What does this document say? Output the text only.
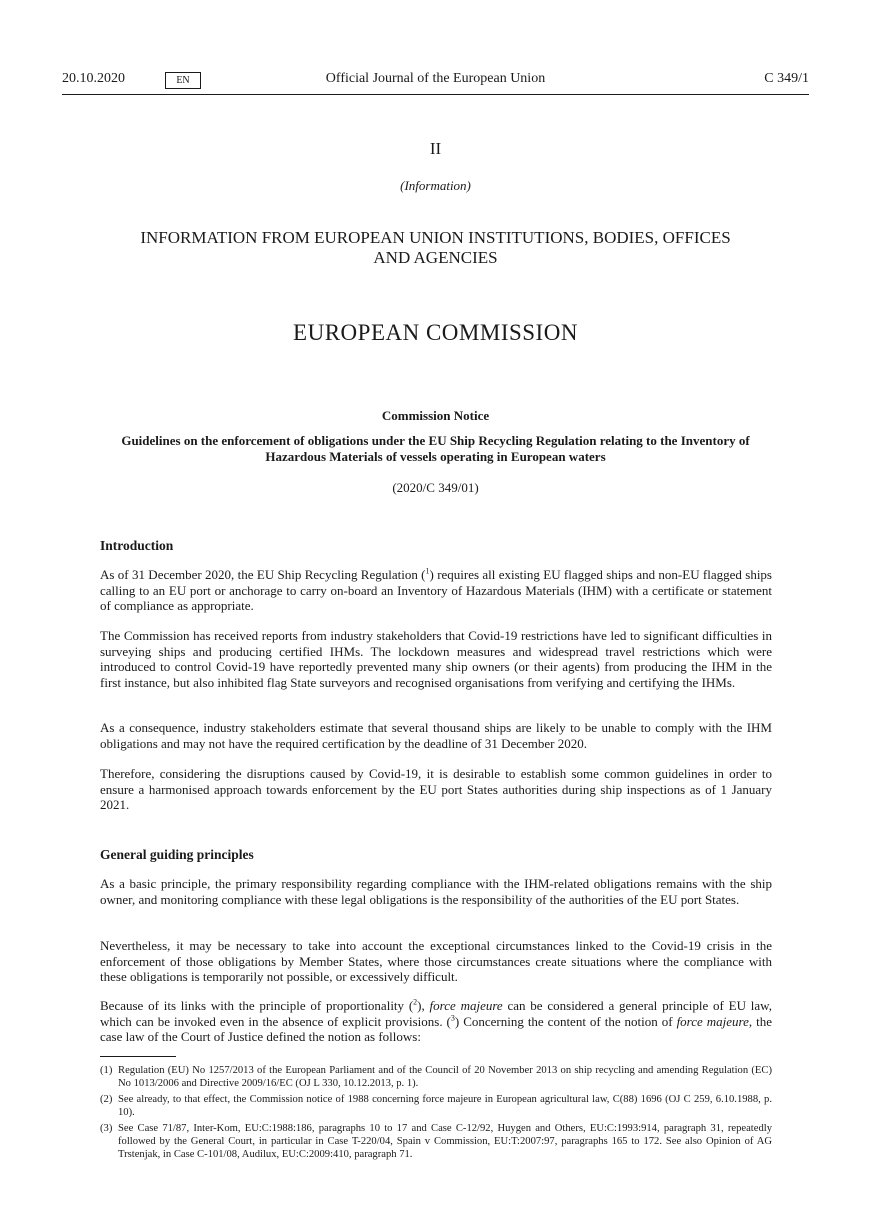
20.10.2020	EN	Official Journal of the European Union	C 349/1
II
(Information)
INFORMATION FROM EUROPEAN UNION INSTITUTIONS, BODIES, OFFICES
AND AGENCIES
EUROPEAN COMMISSION
Commission Notice
Guidelines on the enforcement of obligations under the EU Ship Recycling Regulation relating to the Inventory of Hazardous Materials of vessels operating in European waters
(2020/C 349/01)
Introduction
As of 31 December 2020, the EU Ship Recycling Regulation ($^1$) requires all existing EU flagged ships and non-EU flagged ships calling to an EU port or anchorage to carry on-board an Inventory of Hazardous Materials (IHM) with a certificate or statement of compliance as appropriate.
The Commission has received reports from industry stakeholders that Covid-19 restrictions have led to significant difficulties in surveying ships and producing certified IHMs. The lockdown measures and widespread travel restrictions which were introduced to control Covid-19 have reportedly prevented many ship owners (or their agents) from producing the IHM in the first instance, but also inhibited flag State surveyors and recognised organisations from verifying and certifying the IHMs.
As a consequence, industry stakeholders estimate that several thousand ships are likely to be unable to comply with the IHM obligations and may not have the required certification by the deadline of 31 December 2020.
Therefore, considering the disruptions caused by Covid-19, it is desirable to establish some common guidelines in order to ensure a harmonised approach towards enforcement by the EU port States authorities during ship inspections as of 1 January 2021.
General guiding principles
As a basic principle, the primary responsibility regarding compliance with the IHM-related obligations remains with the ship owner, and monitoring compliance with these legal obligations is the responsibility of the authorities of the EU port States.
Nevertheless, it may be necessary to take into account the exceptional circumstances linked to the Covid-19 crisis in the enforcement of those obligations by Member States, where those circumstances create situations where the compliance with these obligations is temporarily not possible, or excessively difficult.
Because of its links with the principle of proportionality ($^2$), force majeure can be considered a general principle of EU law, which can be invoked even in the absence of explicit provisions. ($^3$) Concerning the content of the notion of force majeure, the case law of the Court of Justice defined the notion as follows:
(1) Regulation (EU) No 1257/2013 of the European Parliament and of the Council of 20 November 2013 on ship recycling and amending Regulation (EC) No 1013/2006 and Directive 2009/16/EC (OJ L 330, 10.12.2013, p. 1).
(2) See already, to that effect, the Commission notice of 1988 concerning force majeure in European agricultural law, C(88) 1696 (OJ C 259, 6.10.1988, p. 10).
(3) See Case 71/87, Inter-Kom, EU:C:1988:186, paragraphs 10 to 17 and Case C-12/92, Huygen and Others, EU:C:1993:914, paragraph 31, repeatedly followed by the General Court, in particular in Case T-220/04, Spain v Commission, EU:T:2007:97, paragraphs 165 to 172. See also Opinion of AG Trstenjak, in Case C-101/08, Audilux, EU:C:2009:410, paragraph 71.
